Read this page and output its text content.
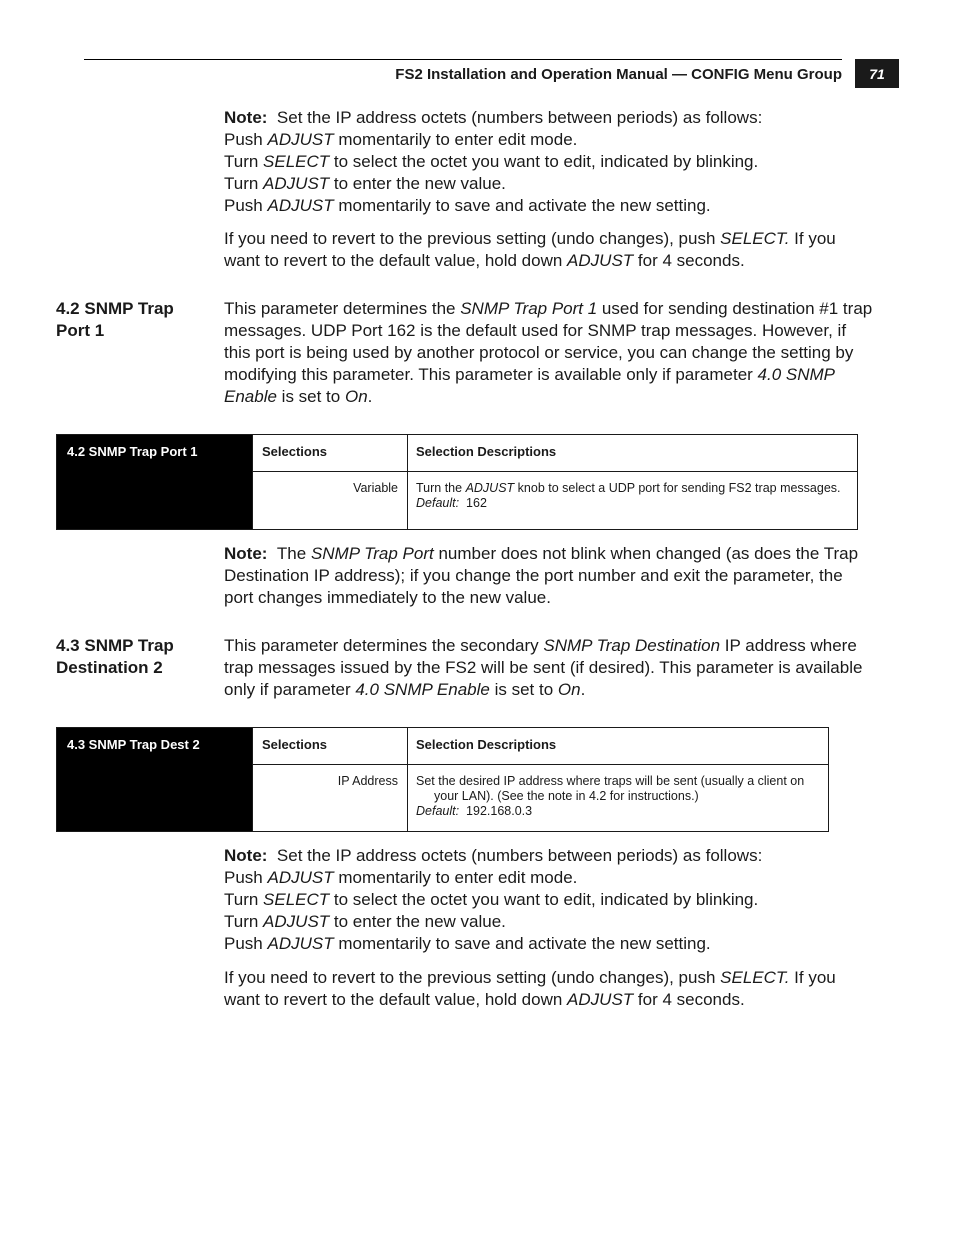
FS2 Installation and Operation Manual — CONFIG Menu Group	71

Note: Set the IP address octets (numbers between periods) as follows:

Push ADJUST momentarily to enter edit mode.

Turn SELECT to select the octet you want to edit, indicated by blinking.

Turn ADJUST to enter the new value.

Push ADJUST momentarily to save and activate the new setting.

If you need to revert to the previous setting (undo changes), push SELECT. If you want to revert to the default value, hold down ADJUST for 4 seconds.

4.2 SNMP Trap
Port 1

This parameter determines the SNMP Trap Port 1 used for sending destination #1 trap messages. UDP Port 162 is the default used for SNMP trap messages. However, if this port is being used by another protocol or service, you can change the setting by modifying this parameter. This parameter is available only if parameter 4.0 SNMP Enable is set to On.

4.2 SNMP Trap Port 1	Selections	Selection Descriptions
	Variable	Turn the ADJUST knob to select a UDP port for sending FS2 trap messages.
Default: 162

Note: The SNMP Trap Port number does not blink when changed (as does the Trap Destination IP address); if you change the port number and exit the parameter, the port changes immediately to the new value.

4.3 SNMP Trap
Destination 2

This parameter determines the secondary SNMP Trap Destination IP address where trap messages issued by the FS2 will be sent (if desired). This parameter is available only if parameter 4.0 SNMP Enable is set to On.

4.3 SNMP Trap Dest 2	Selections	Selection Descriptions
	IP Address	Set the desired IP address where traps will be sent (usually a client on
your LAN). (See the note in 4.2 for instructions.)
Default: 192.168.0.3

Note: Set the IP address octets (numbers between periods) as follows:

Push ADJUST momentarily to enter edit mode.

Turn SELECT to select the octet you want to edit, indicated by blinking.

Turn ADJUST to enter the new value.

Push ADJUST momentarily to save and activate the new setting.

If you need to revert to the previous setting (undo changes), push SELECT. If you want to revert to the default value, hold down ADJUST for 4 seconds.
